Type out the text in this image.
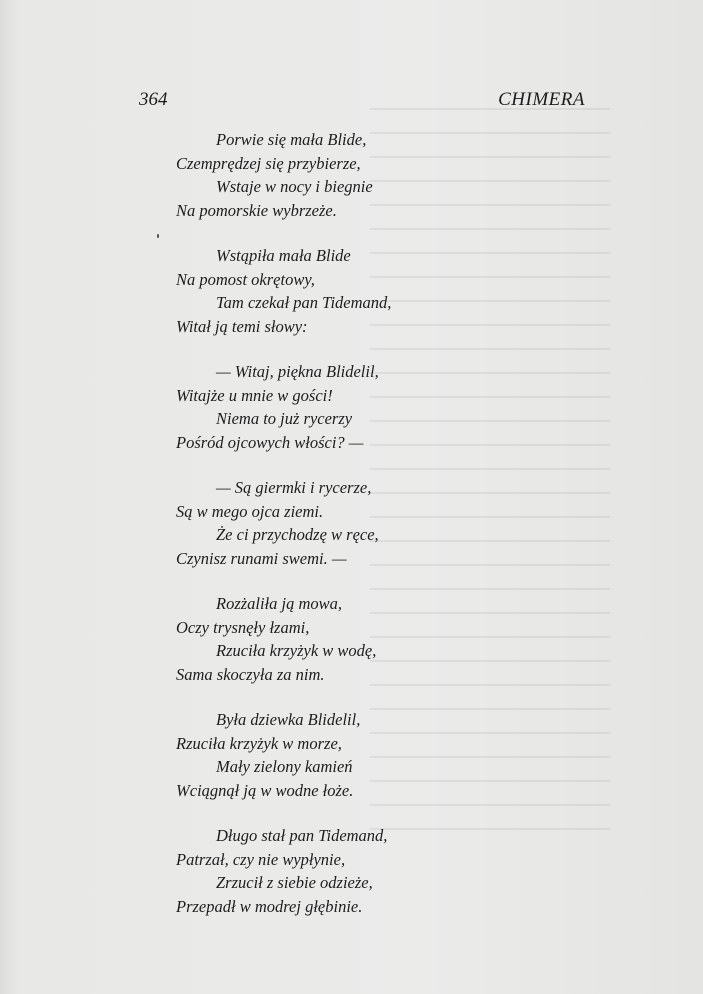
364	CHIMERA
Porwie się mała Blide,
Czemprędzej się przybierze,
Wstaje w nocy i biegnie
Na pomorskie wybrzeże.
Wstąpiła mała Blide
Na pomost okrętowy,
Tam czekał pan Tidemand,
Witał ją temi słowy:
— Witaj, piękna Blidelil,
Witajże u mnie w gości!
Niema to już rycerzy
Pośród ojcowych włości? —
— Są giermki i rycerze,
Są w mego ojca ziemi.
Że ci przychodzę w ręce,
Czynisz runami swemi. —
Rozżaliła ją mowa,
Oczy trysnęły łzami,
Rzuciła krzyżyk w wodę,
Sama skoczyła za nim.
Była dziewka Blidelil,
Rzuciła krzyżyk w morze,
Mały zielony kamień
Wciągnął ją w wodne łoże.
Długo stał pan Tidemand,
Patrzał, czy nie wypłynie,
Zrzucił z siebie odzieże,
Przepadł w modrej głębinie.
